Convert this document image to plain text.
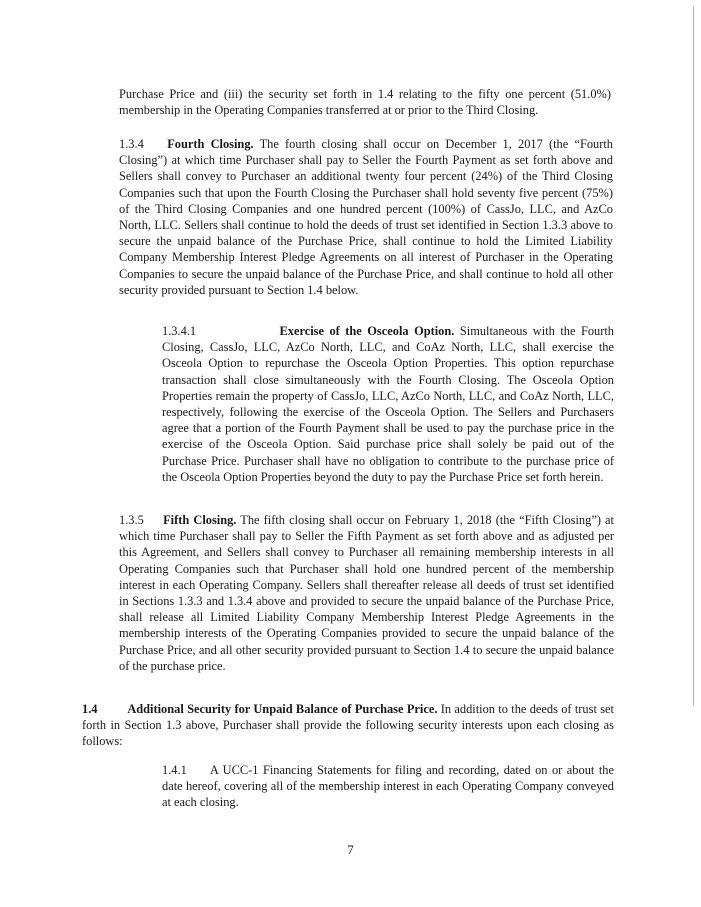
Purchase Price and (iii) the security set forth in 1.4 relating to the fifty one percent (51.0%) membership in the Operating Companies transferred at or prior to the Third Closing.

1.3.4 Fourth Closing. The fourth closing shall occur on December 1, 2017 (the “Fourth Closing”) at which time Purchaser shall pay to Seller the Fourth Payment as set forth above and Sellers shall convey to Purchaser an additional twenty four percent (24%) of the Third Closing Companies such that upon the Fourth Closing the Purchaser shall hold seventy five percent (75%) of the Third Closing Companies and one hundred percent (100%) of CassJo, LLC, and AzCo North, LLC. Sellers shall continue to hold the deeds of trust set identified in Section 1.3.3 above to secure the unpaid balance of the Purchase Price, shall continue to hold the Limited Liability Company Membership Interest Pledge Agreements on all interest of Purchaser in the Operating Companies to secure the unpaid balance of the Purchase Price, and shall continue to hold all other security provided pursuant to Section 1.4 below.

1.3.4.1	Exercise of the Osceola Option. Simultaneous with the Fourth Closing, CassJo, LLC, AzCo North, LLC, and CoAz North, LLC, shall exercise the Osceola Option to repurchase the Osceola Option Properties. This option repurchase transaction shall close simultaneously with the Fourth Closing. The Osceola Option Properties remain the property of CassJo, LLC, AzCo North, LLC, and CoAz North, LLC, respectively, following the exercise of the Osceola Option. The Sellers and Purchasers agree that a portion of the Fourth Payment shall be used to pay the purchase price in the exercise of the Osceola Option. Said purchase price shall solely be paid out of the Purchase Price. Purchaser shall have no obligation to contribute to the purchase price of the Osceola Option Properties beyond the duty to pay the Purchase Price set forth herein.

1.3.5 Fifth Closing. The fifth closing shall occur on February 1, 2018 (the “Fifth Closing”) at which time Purchaser shall pay to Seller the Fifth Payment as set forth above and as adjusted per this Agreement, and Sellers shall convey to Purchaser all remaining membership interests in all Operating Companies such that Purchaser shall hold one hundred percent of the membership interest in each Operating Company. Sellers shall thereafter release all deeds of trust set identified in Sections 1.3.3 and 1.3.4 above and provided to secure the unpaid balance of the Purchase Price, shall release all Limited Liability Company Membership Interest Pledge Agreements in the membership interests of the Operating Companies provided to secure the unpaid balance of the Purchase Price, and all other security provided pursuant to Section 1.4 to secure the unpaid balance of the purchase price.

1.4 Additional Security for Unpaid Balance of Purchase Price. In addition to the deeds of trust set forth in Section 1.3 above, Purchaser shall provide the following security interests upon each closing as follows:

1.4.1 A UCC-1 Financing Statements for filing and recording, dated on or about the date hereof, covering all of the membership interest in each Operating Company conveyed at each closing.

7
